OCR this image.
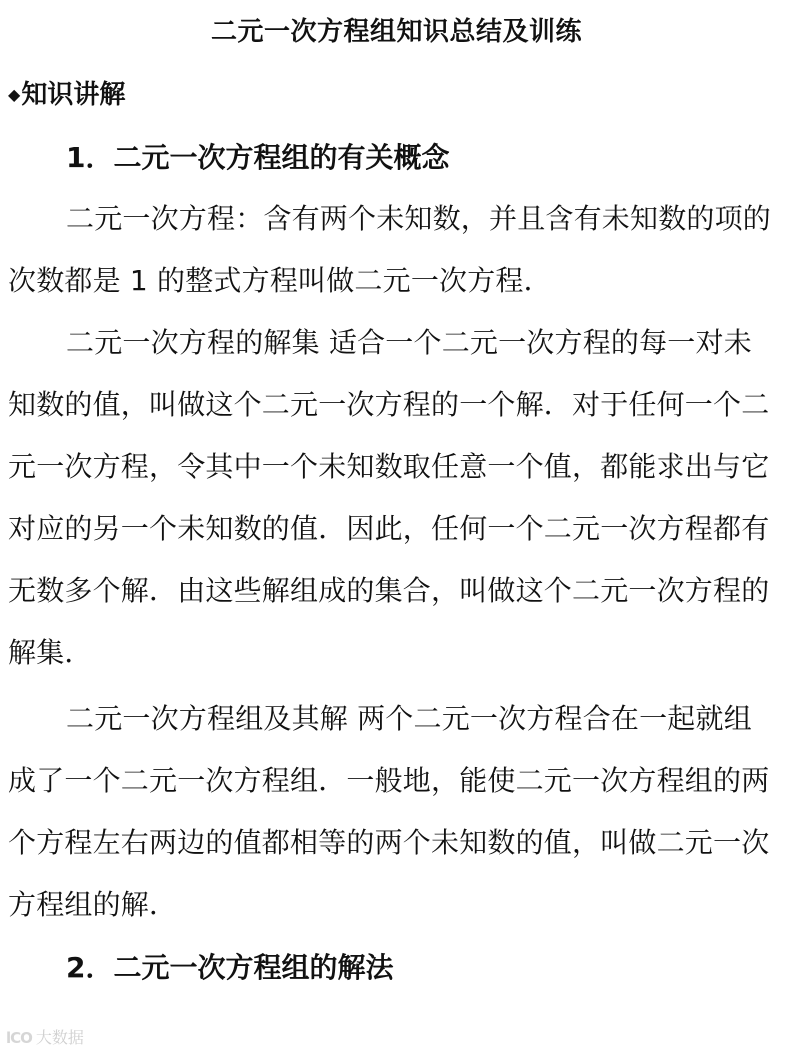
二元一次方程组知识总结及训练
◆知识讲解
1．二元一次方程组的有关概念
二元一次方程：含有两个未知数，并且含有未知数的项的
次数都是 1 的整式方程叫做二元一次方程．
二元一次方程的解集 适合一个二元一次方程的每一对未
知数的值，叫做这个二元一次方程的一个解．对于任何一个二
元一次方程，令其中一个未知数取任意一个值，都能求出与它
对应的另一个未知数的值．因此，任何一个二元一次方程都有
无数多个解．由这些解组成的集合，叫做这个二元一次方程的
解集．
二元一次方程组及其解 两个二元一次方程合在一起就组
成了一个二元一次方程组．一般地，能使二元一次方程组的两
个方程左右两边的值都相等的两个未知数的值，叫做二元一次
方程组的解．
2．二元一次方程组的解法
lCO 大数据
